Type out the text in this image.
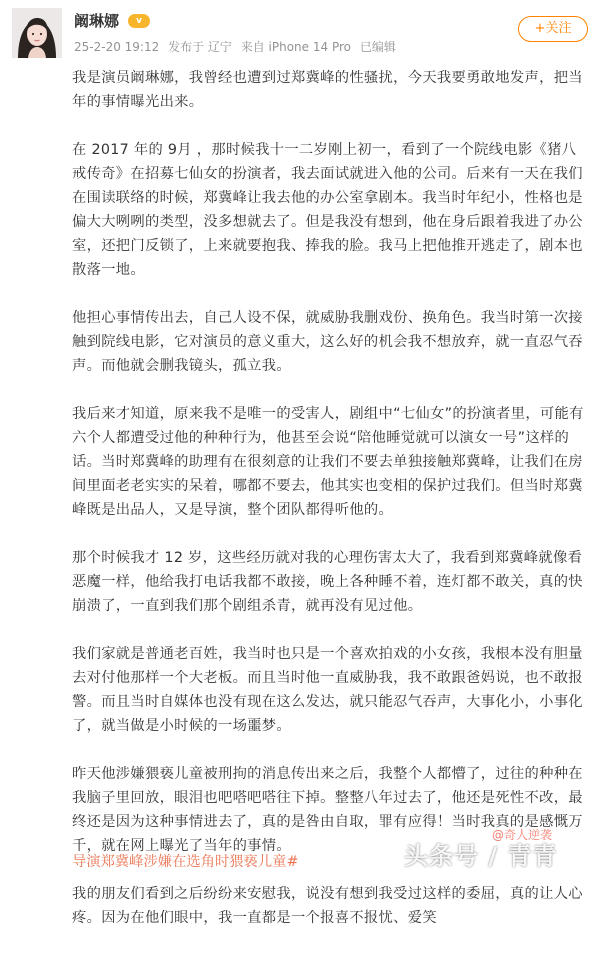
阚琳娜	v
25-2-20 19:12 发布于 辽宁 来自 iPhone 14 Pro 已编辑
+关注

我是演员阚琳娜，我曾经也遭到过郑冀峰的性骚扰，今天我要勇敢地发声，把当年的事情曝光出来。

在 2017 年的 9月 ，那时候我十一二岁刚上初一，看到了一个院线电影《猪八戒传奇》在招募七仙女的扮演者，我去面试就进入他的公司。后来有一天在我们在围读联络的时候，郑冀峰让我去他的办公室拿剧本。我当时年纪小，性格也是偏大大咧咧的类型，没多想就去了。但是我没有想到，他在身后跟着我进了办公室，还把门反锁了，上来就要抱我、捧我的脸。我马上把他推开逃走了，剧本也散落一地。

他担心事情传出去，自己人设不保，就威胁我删戏份、换角色。我当时第一次接触到院线电影，它对演员的意义重大，这么好的机会我不想放弃，就一直忍气吞声。而他就会删我镜头，孤立我。

我后来才知道，原来我不是唯一的受害人，剧组中“七仙女”的扮演者里，可能有六个人都遭受过他的种种行为，他甚至会说“陪他睡觉就可以演女一号”这样的话。当时郑冀峰的助理有在很刻意的让我们不要去单独接触郑冀峰，让我们在房间里面老老实实的呆着，哪都不要去，他其实也变相的保护过我们。但当时郑冀峰既是出品人，又是导演，整个团队都得听他的。

那个时候我才 12 岁，这些经历就对我的心理伤害太大了，我看到郑冀峰就像看恶魔一样，他给我打电话我都不敢接，晚上各种睡不着，连灯都不敢关，真的快崩溃了，一直到我们那个剧组杀青，就再没有见过他。

我们家就是普通老百姓，我当时也只是一个喜欢拍戏的小女孩，我根本没有胆量去对付他那样一个大老板。而且当时他一直威胁我，我不敢跟爸妈说，也不敢报警。而且当时自媒体也没有现在这么发达，就只能忍气吞声，大事化小，小事化了，就当做是小时候的一场噩梦。

昨天他涉嫌猥亵儿童被刑拘的消息传出来之后，我整个人都懵了，过往的种种在我脑子里回放，眼泪也吧嗒吧嗒往下掉。整整八年过去了，他还是死性不改，最终还是因为这种事情进去了，真的是咎由自取，罪有应得！当时我真的是感慨万千，就在网上曝光了当年的事情。

我的朋友们看到之后纷纷来安慰我，说没有想到我受过这样的委屈，真的让人心疼。因为在他们眼中，我一直都是一个报喜不报忧、爱笑

导演郑冀峰涉嫌在选角时猥亵儿童#
@奇人逆袭
头条号 / 青青
